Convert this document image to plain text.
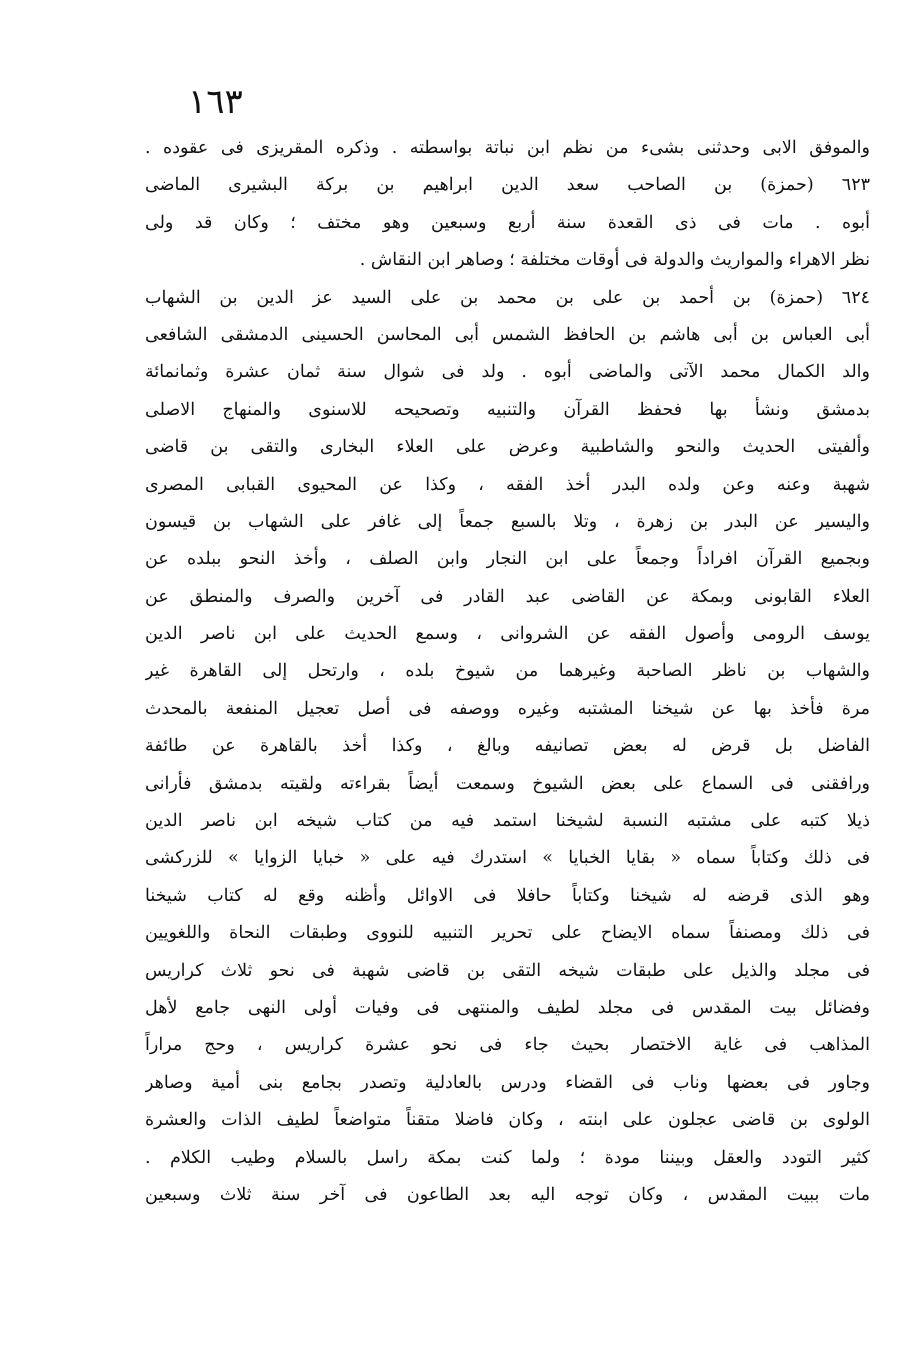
١٦٣
والموفق الابى وحدثنى بشىء من نظم ابن نباتة بواسطته . وذكره المقريزى فى عقوده .
٦٢٣ (حمزة) بن الصاحب سعد الدين ابراهيم بن بركة البشيرى الماضى
أبوه . مات فى ذى القعدة سنة أربع وسبعين وهو مختف ؛ وكان قد ولى
نظر الاهراء والمواريث والدولة فى أوقات مختلفة ؛ وصاهر ابن النقاش .
٦٢٤ (حمزة) بن أحمد بن على بن محمد بن على السيد عز الدين بن الشهاب
أبى العباس بن أبى هاشم بن الحافظ الشمس أبى المحاسن الحسينى الدمشقى الشافعى
والد الكمال محمد الآتى والماضى أبوه . ولد فى شوال سنة ثمان عشرة وثمانمائة
بدمشق ونشأ بها فحفظ القرآن والتنبيه وتصحيحه للاسنوى والمنهاج الاصلى
وألفيتى الحديث والنحو والشاطبية وعرض على العلاء البخارى والتقى بن قاضى
شهبة وعنه وعن ولده البدر أخذ الفقه ، وكذا عن المحيوى القبابى المصرى
واليسير عن البدر بن زهرة ، وتلا بالسبع جمعاً إلى غافر على الشهاب بن قيسون
وبجميع القرآن افراداً وجمعاً على ابن النجار وابن الصلف ، وأخذ النحو ببلده عن
العلاء القابونى وبمكة عن القاضى عبد القادر فى آخرين والصرف والمنطق عن
يوسف الرومى وأصول الفقه عن الشروانى ، وسمع الحديث على ابن ناصر الدين
والشهاب بن ناظر الصاحبة وغيرهما من شيوخ بلده ، وارتحل إلى القاهرة غير
مرة فأخذ بها عن شيخنا المشتبه وغيره ووصفه فى أصل تعجيل المنفعة بالمحدث
الفاضل بل قرض له بعض تصانيفه وبالغ ، وكذا أخذ بالقاهرة عن طائفة
ورافقنى فى السماع على بعض الشيوخ وسمعت أيضاً بقراءته ولقيته بدمشق فأرانى
ذيلا كتبه على مشتبه النسبة لشيخنا استمد فيه من كتاب شيخه ابن ناصر الدين
فى ذلك وكتاباً سماه « بقايا الخبايا » استدرك فيه على « خبايا الزوايا » للزركشى
وهو الذى قرضه له شيخنا وكتاباً حافلا فى الاوائل وأظنه وقع له كتاب شيخنا
فى ذلك ومصنفاً سماه الايضاح على تحرير التنبيه للنووى وطبقات النحاة واللغويين
فى مجلد والذيل على طبقات شيخه التقى بن قاضى شهبة فى نحو ثلاث كراريس
وفضائل بيت المقدس فى مجلد لطيف والمنتهى فى وفيات أولى النهى جامع لأهل
المذاهب فى غاية الاختصار بحيث جاء فى نحو عشرة كراريس ، وحج مراراً
وجاور فى بعضها وناب فى القضاء ودرس بالعادلية وتصدر بجامع بنى أمية وصاهر
الولوى بن قاضى عجلون على ابنته ، وكان فاضلا متقناً متواضعاً لطيف الذات والعشرة
كثير التودد والعقل وبيننا مودة ؛ ولما كنت بمكة راسل بالسلام وطيب الكلام .
مات ببيت المقدس ، وكان توجه اليه بعد الطاعون فى آخر سنة ثلاث وسبعين
